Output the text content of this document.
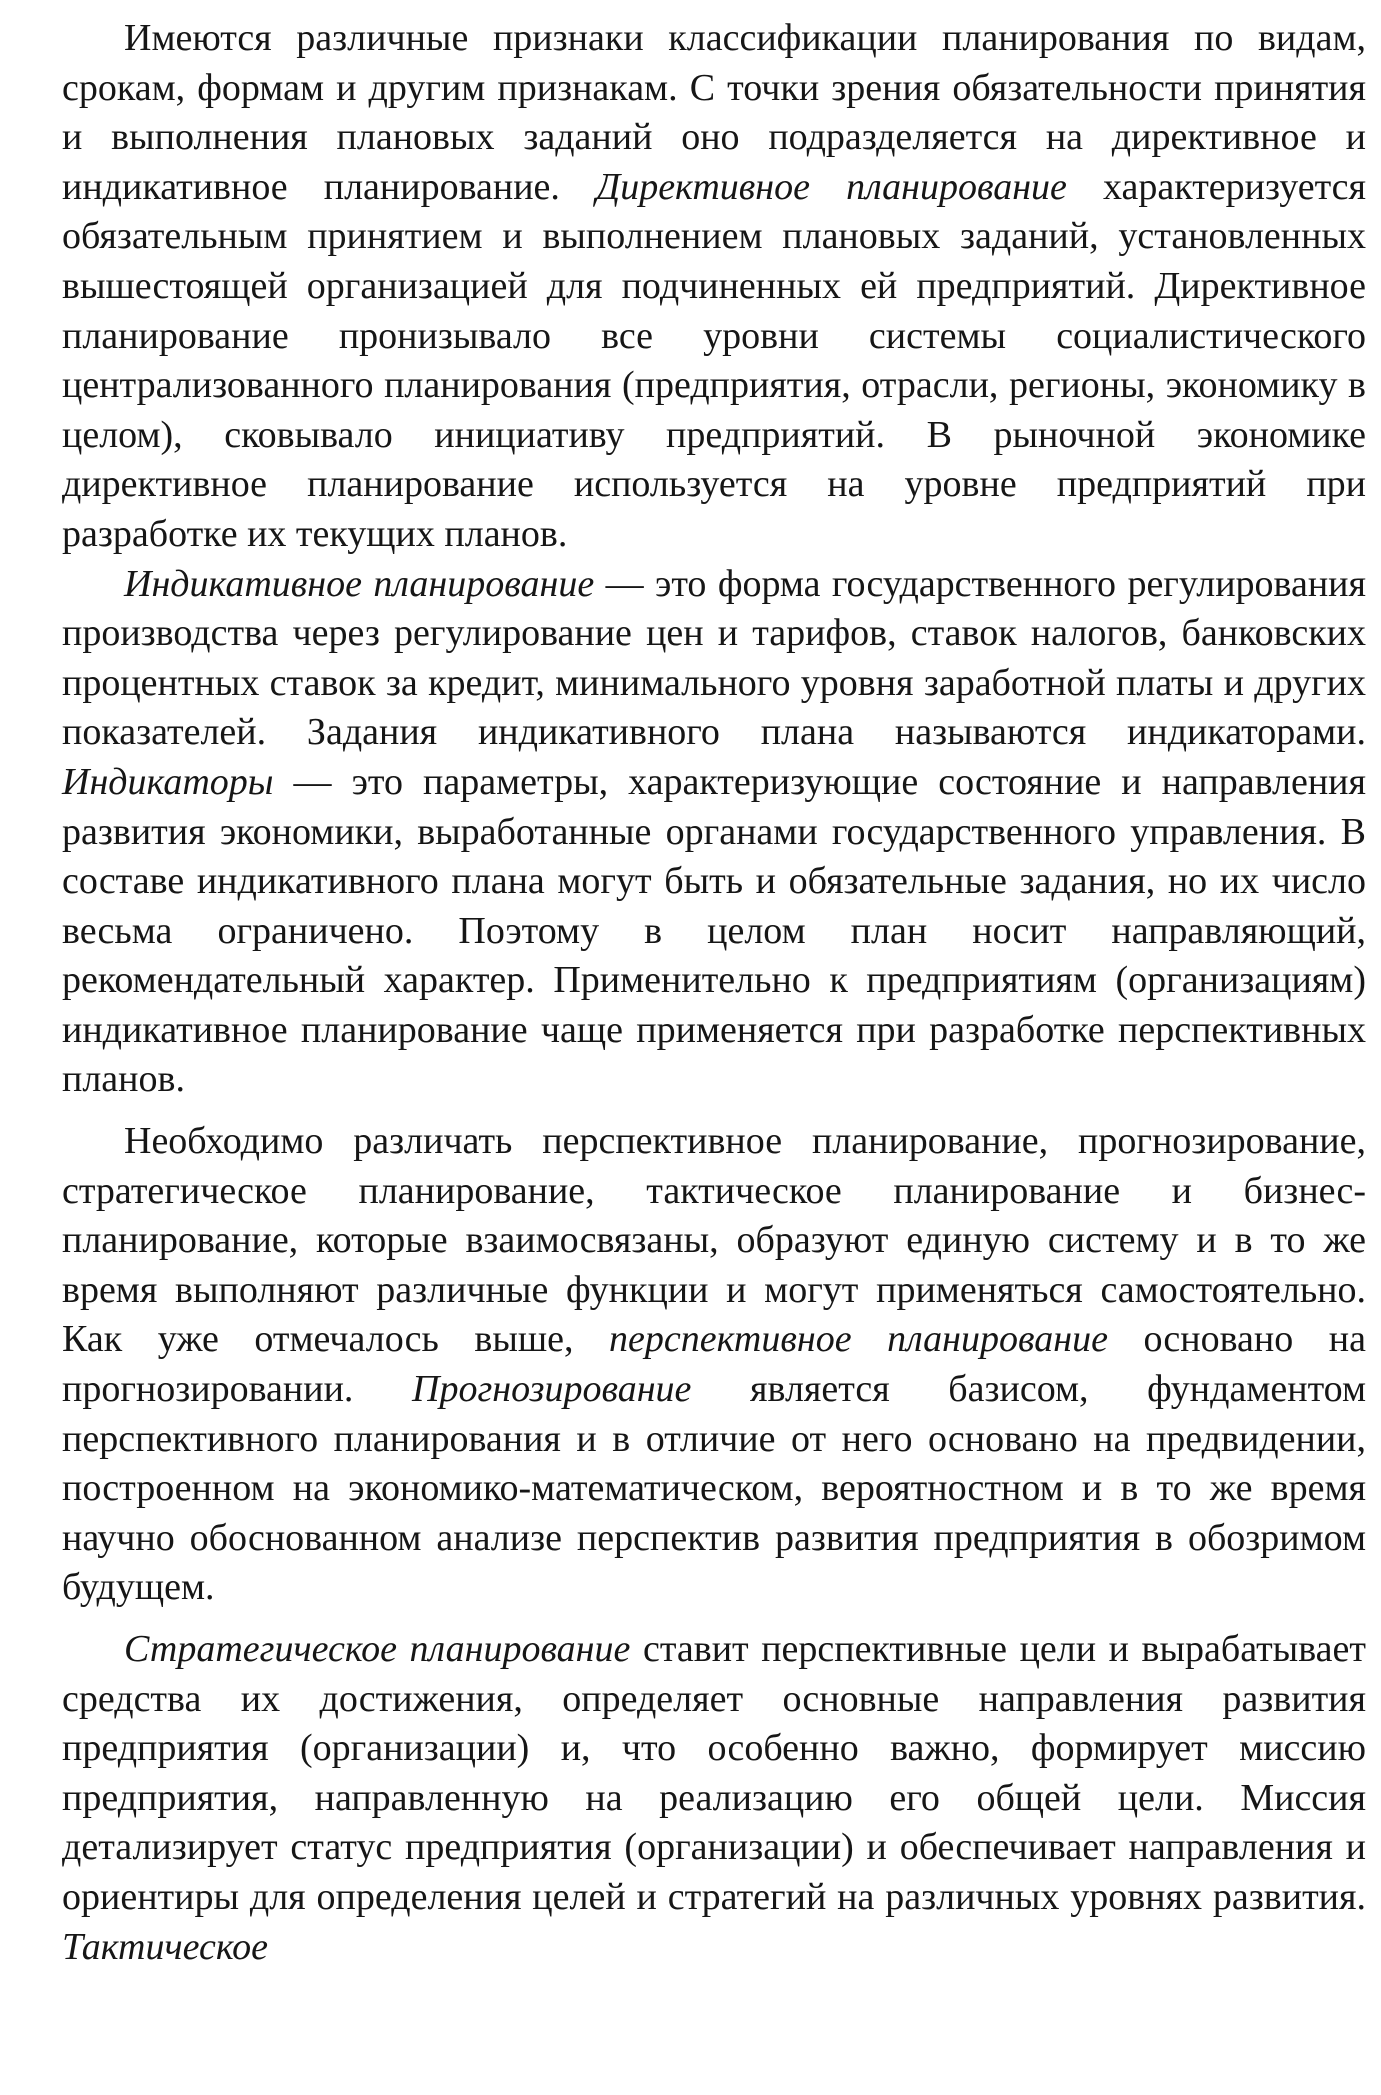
Имеются различные признаки классификации планирования по видам, срокам, формам и другим признакам. С точки зрения обязательности принятия и выполнения плановых заданий оно подразделяется на директивное и индикативное планирование. Директивное планирование характеризуется обязательным принятием и выполнением плановых заданий, установленных вышестоящей организацией для подчиненных ей предприятий. Директивное планирование пронизывало все уровни системы социалистического централизованного планирования (предприятия, отрасли, регионы, экономику в целом), сковывало инициативу предприятий. В рыночной экономике директивное планирование используется на уровне предприятий при разработке их текущих планов.

Индикативное планирование — это форма государственного регулирования производства через регулирование цен и тарифов, ставок налогов, банковских процентных ставок за кредит, минимального уровня заработной платы и других показателей. Задания индикативного плана называются индикаторами. Индикаторы — это параметры, характеризующие состояние и направления развития экономики, выработанные органами государственного управления. В составе индикативного плана могут быть и обязательные задания, но их число весьма ограничено. Поэтому в целом план носит направляющий, рекомендательный характер. Применительно к предприятиям (организациям) индикативное планирование чаще применяется при разработке перспективных планов.

Необходимо различать перспективное планирование, прогнозирование, стратегическое планирование, тактическое планирование и бизнес-планирование, которые взаимосвязаны, образуют единую систему и в то же время выполняют различные функции и могут применяться самостоятельно. Как уже отмечалось выше, перспективное планирование основано на прогнозировании. Прогнозирование является базисом, фундаментом перспективного планирования и в отличие от него основано на предвидении, построенном на экономико-математическом, вероятностном и в то же время научно обоснованном анализе перспектив развития предприятия в обозримом будущем.

Стратегическое планирование ставит перспективные цели и вырабатывает средства их достижения, определяет основные направления развития предприятия (организации) и, что особенно важно, формирует миссию предприятия, направленную на реализацию его общей цели. Миссия детализирует статус предприятия (организации) и обеспечивает направления и ориентиры для определения целей и стратегий на различных уровнях развития. Тактическое
